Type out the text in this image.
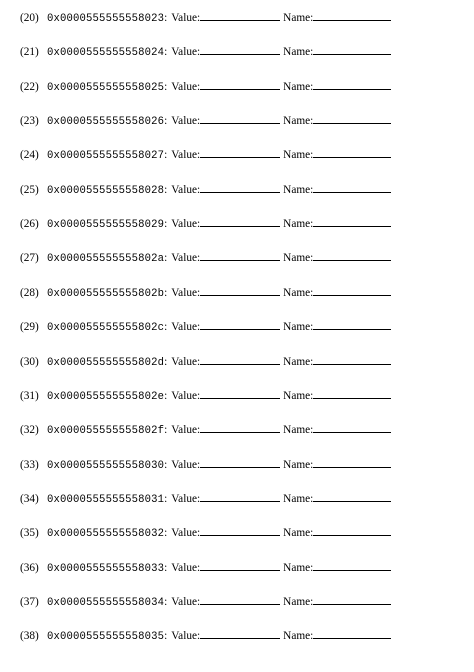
(20) 0x0000555555558023 : Value:	Name:
(21) 0x0000555555558024 : Value:	Name:
(22) 0x0000555555558025 : Value:	Name:
(23) 0x0000555555558026 : Value:	Name:
(24) 0x0000555555558027 : Value:	Name:
(25) 0x0000555555558028 : Value:	Name:
(26) 0x0000555555558029 : Value:	Name:
(27) 0x000055555555802a : Value:	Name:
(28) 0x000055555555802b : Value:	Name:
(29) 0x000055555555802c : Value:	Name:
(30) 0x000055555555802d : Value:	Name:
(31) 0x000055555555802e : Value:	Name:
(32) 0x000055555555802f : Value:	Name:
(33) 0x0000555555558030 : Value:	Name:
(34) 0x0000555555558031 : Value:	Name:
(35) 0x0000555555558032 : Value:	Name:
(36) 0x0000555555558033 : Value:	Name:
(37) 0x0000555555558034 : Value:	Name:
(38) 0x0000555555558035 : Value:	Name:
